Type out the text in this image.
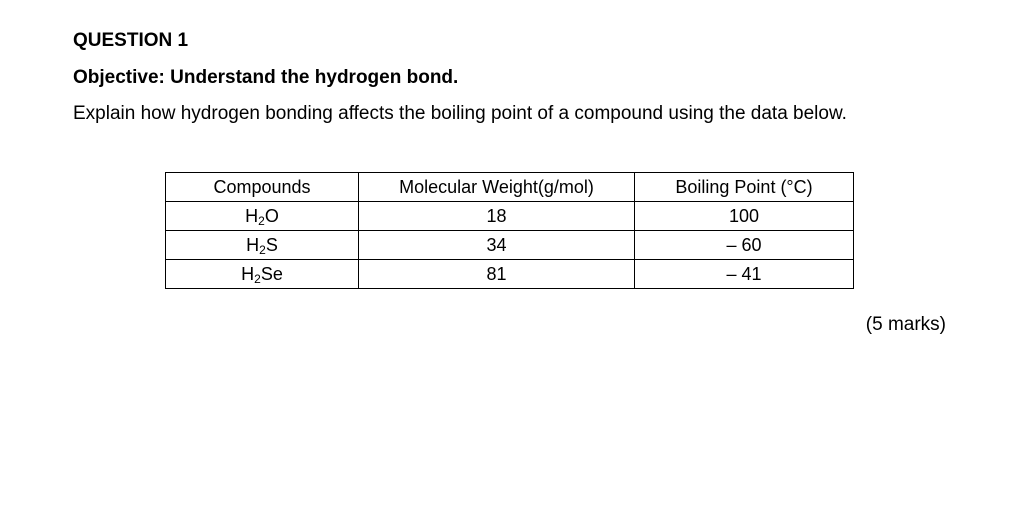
QUESTION 1

Objective: Understand the hydrogen bond.

Explain how hydrogen bonding affects the boiling point of a compound using the data below.

Compounds	Molecular Weight(g/mol)	Boiling Point (°C)
$H_2O$	18	100
$H_2S$	34	– 60
$H_2Se$	81	– 41

(5 marks)
